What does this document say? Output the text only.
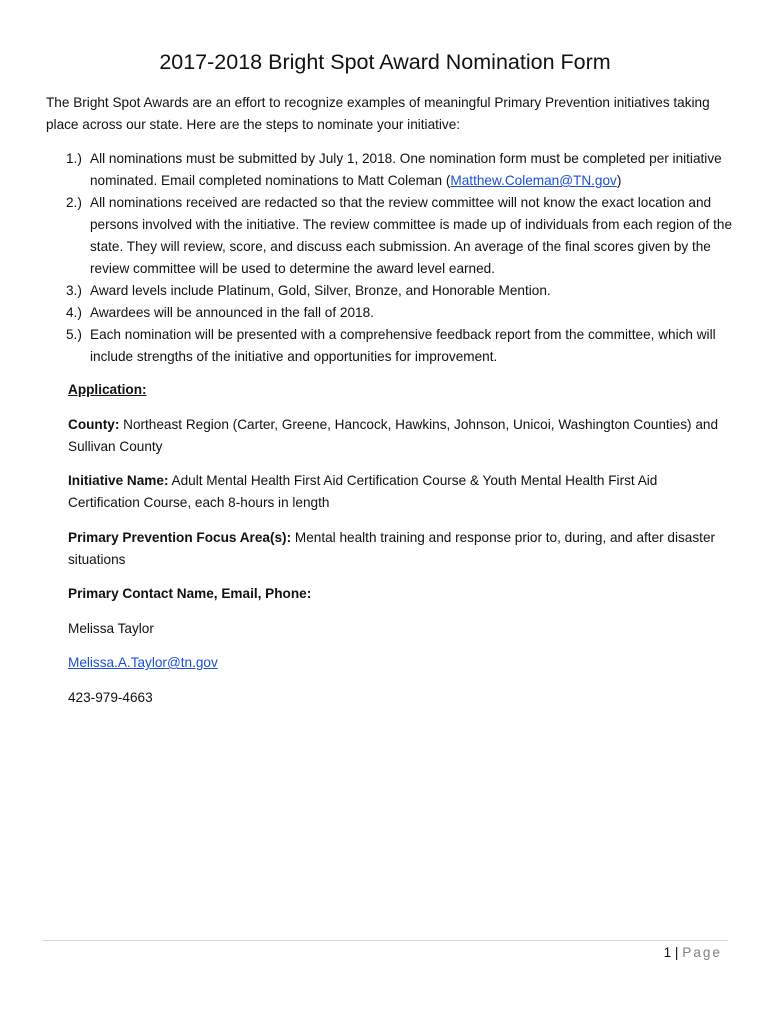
2017-2018 Bright Spot Award Nomination Form
The Bright Spot Awards are an effort to recognize examples of meaningful Primary Prevention initiatives taking place across our state. Here are the steps to nominate your initiative:
1.) All nominations must be submitted by July 1, 2018. One nomination form must be completed per initiative nominated. Email completed nominations to Matt Coleman (Matthew.Coleman@TN.gov)
2.) All nominations received are redacted so that the review committee will not know the exact location and persons involved with the initiative. The review committee is made up of individuals from each region of the state. They will review, score, and discuss each submission. An average of the final scores given by the review committee will be used to determine the award level earned.
3.) Award levels include Platinum, Gold, Silver, Bronze, and Honorable Mention.
4.) Awardees will be announced in the fall of 2018.
5.) Each nomination will be presented with a comprehensive feedback report from the committee, which will include strengths of the initiative and opportunities for improvement.
Application:
County: Northeast Region (Carter, Greene, Hancock, Hawkins, Johnson, Unicoi, Washington Counties) and Sullivan County
Initiative Name: Adult Mental Health First Aid Certification Course & Youth Mental Health First Aid Certification Course, each 8-hours in length
Primary Prevention Focus Area(s): Mental health training and response prior to, during, and after disaster situations
Primary Contact Name, Email, Phone:
Melissa Taylor
Melissa.A.Taylor@tn.gov
423-979-4663
1 | Page
